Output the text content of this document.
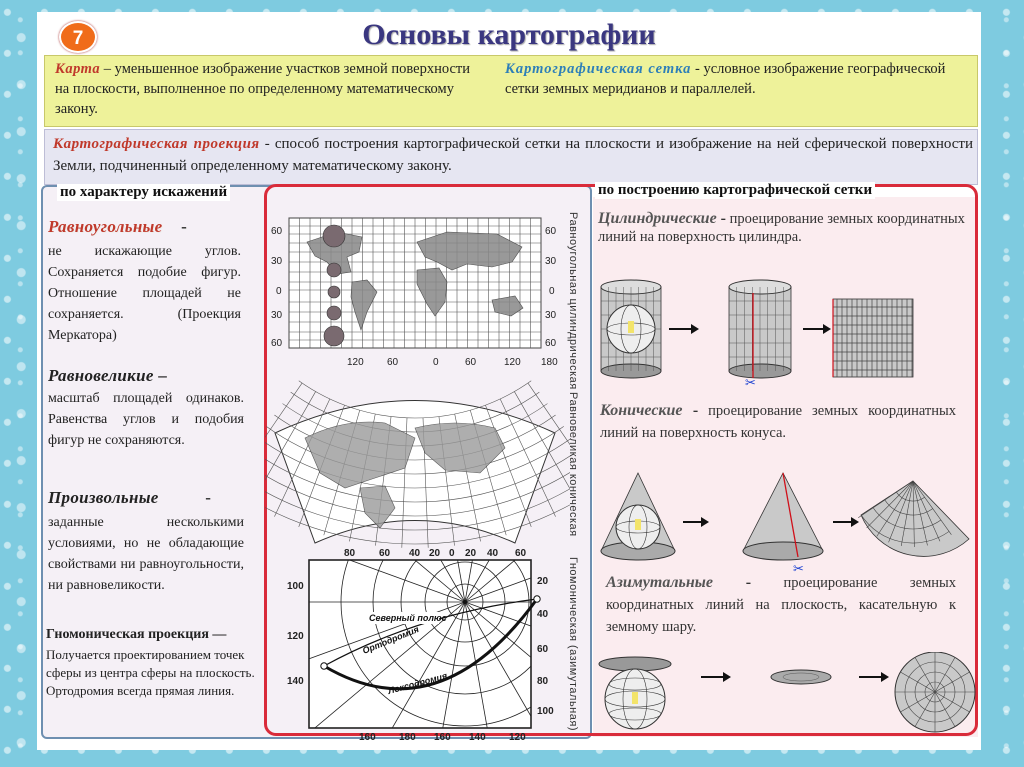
Основы картографии
7
Карта – уменьшенное изображение участков земной поверхности на плоскости, выполненное по определенному математическому закону.
Картографическая сетка - условное изображение географической сетки земных меридианов и параллелей.
Картографическая проекция - способ построения картографической сетки на плоскости и изображение на ней сферической поверхности Земли, подчиненный определенному математическому закону.
по характеру искажений	по построению картографической сетки
Равноугольные -
не искажающие углов. Сохраняется подобие фигур. Отношение площадей не сохраняется. (Проекция Меркатора)
Равновеликие –
масштаб площадей одинаков. Равенства углов и подобия фигур не сохраняются.
Произвольные	-
заданные несколькими условиями, но не обладающие свойствами ни равноугольности, ни равновеликости.
Гномоническая проекция —
Получается проектированием точек сферы из центра сферы на плоскость. Ортодромия всегда прямая линия.
60
30
0
30
60
60
30
0
30
60
120 60	0	60	120 180
Северный полюс
Ортодромия
Локсодромия
80 60 40 20 0 20 40 60
100
120
140
20
40
60
80
100
160 180 160 140 120
Равноугольная цилиндрическая
Равновеликая коническая
Гномоническая (азимутальная)
Цилиндрические - проецирование земных координатных линий на поверхность цилиндра.
Конические - проецирование земных координатных линий на поверхность конуса.
Азимутальные - проецирование земных координатных линий на плоскость, касательную к земному шару.
✂
✂
